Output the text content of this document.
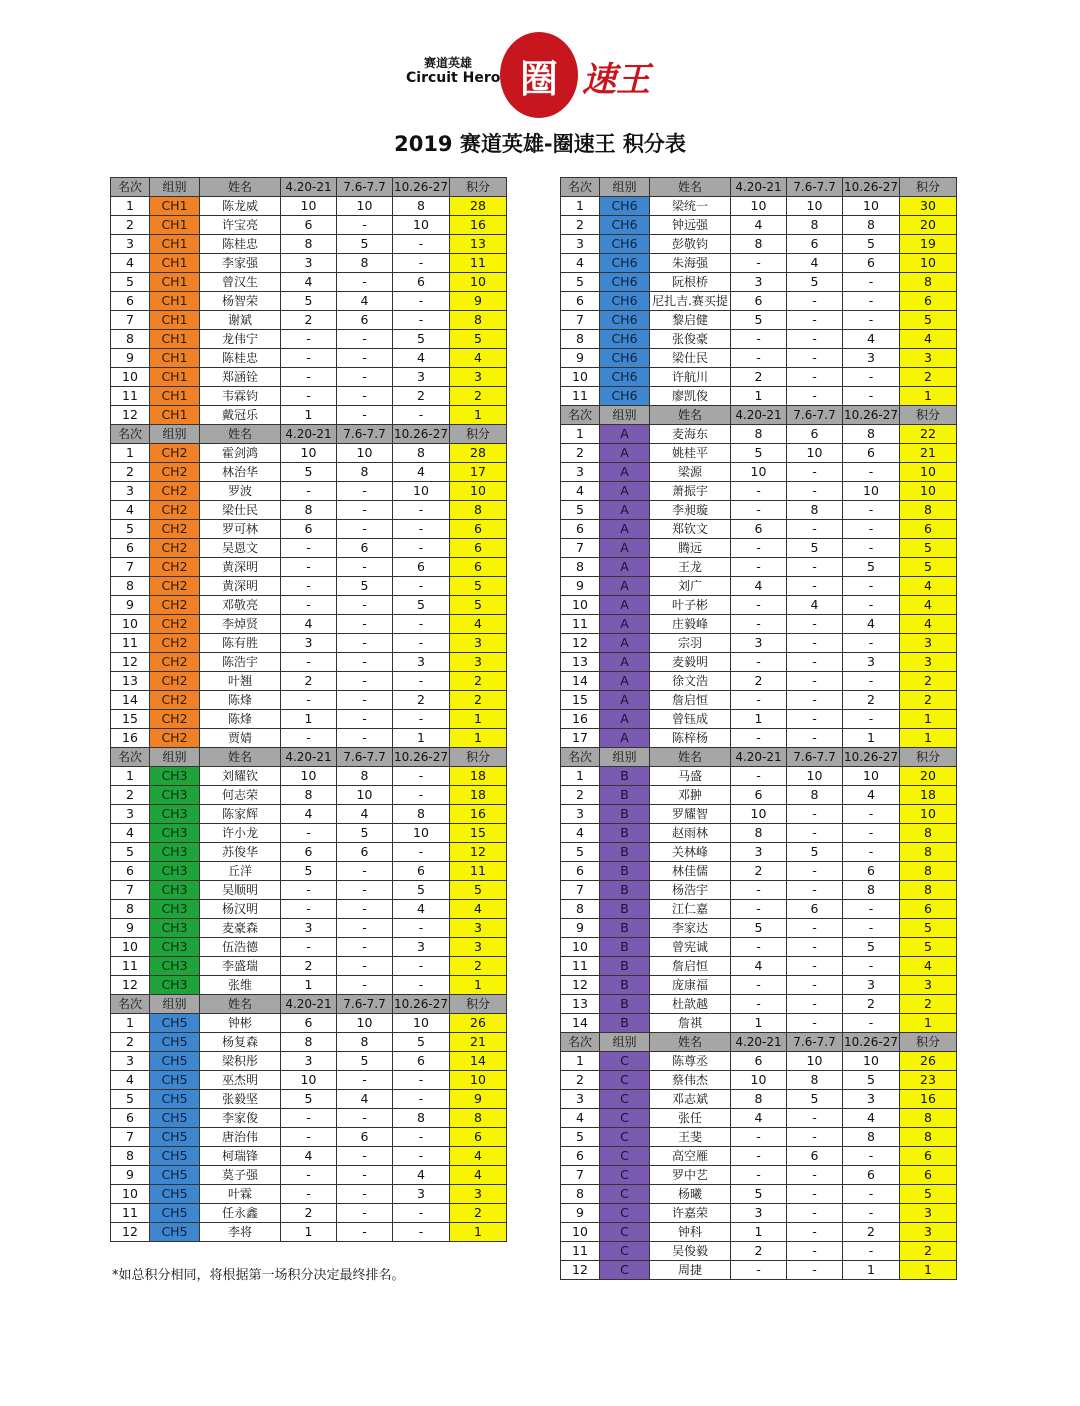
赛道英雄
Circuit Hero 圈 速王
2019 赛道英雄-圈速王 积分表
名次	组别	姓名	4.20-21	7.6-7.7	10.26-27	积分
1	CH1	陈龙威	10	10	8	28
2	CH1	许宝亮	6	-	10	16
3	CH1	陈桂忠	8	5	-	13
4	CH1	李家强	3	8	-	11
5	CH1	曾汉生	4	-	6	10
6	CH1	杨智荣	5	4	-	9
7	CH1	谢斌	2	6	-	8
8	CH1	龙伟宁	-	-	5	5
9	CH1	陈桂忠	-	-	4	4
10	CH1	郑涵铨	-	-	3	3
11	CH1	韦霖钧	-	-	2	2
12	CH1	戴冠乐	1	-	-	1
名次	组别	姓名	4.20-21	7.6-7.7	10.26-27	积分
1	CH2	霍剑鸿	10	10	8	28
2	CH2	林治华	5	8	4	17
3	CH2	罗波	-	-	10	10
4	CH2	梁仕民	8	-	-	8
5	CH2	罗可林	6	-	-	6
6	CH2	吴恩文	-	6	-	6
7	CH2	黄深明	-	-	6	6
8	CH2	黄深明	-	5	-	5
9	CH2	邓敬亮	-	-	5	5
10	CH2	李焯贤	4	-	-	4
11	CH2	陈有胜	3	-	-	3
12	CH2	陈浩宇	-	-	3	3
13	CH2	叶翘	2	-	-	2
14	CH2	陈烽	-	-	2	2
15	CH2	陈烽	1	-	-	1
16	CH2	贾婧	-	-	1	1
名次	组别	姓名	4.20-21	7.6-7.7	10.26-27	积分
1	CH3	刘耀钦	10	8	-	18
2	CH3	何志荣	8	10	-	18
3	CH3	陈家辉	4	4	8	16
4	CH3	许小龙	-	5	10	15
5	CH3	苏俊华	6	6	-	12
6	CH3	丘洋	5	-	6	11
7	CH3	吴顺明	-	-	5	5
8	CH3	杨汉明	-	-	4	4
9	CH3	麦豪森	3	-	-	3
10	CH3	伍浩德	-	-	3	3
11	CH3	李盛瑞	2	-	-	2
12	CH3	张维	1	-	-	1
名次	组别	姓名	4.20-21	7.6-7.7	10.26-27	积分
1	CH5	钟彬	6	10	10	26
2	CH5	杨复森	8	8	5	21
3	CH5	梁积彤	3	5	6	14
4	CH5	巫杰明	10	-	-	10
5	CH5	张毅坚	5	4	-	9
6	CH5	李家俊	-	-	8	8
7	CH5	唐治伟	-	6	-	6
8	CH5	柯瑞锋	4	-	-	4
9	CH5	莫子强	-	-	4	4
10	CH5	叶霖	-	-	3	3
11	CH5	任永鑫	2	-	-	2
12	CH5	李将	1	-	-	1
名次	组别	姓名	4.20-21	7.6-7.7	10.26-27	积分
1	CH6	梁统一	10	10	10	30
2	CH6	钟远强	4	8	8	20
3	CH6	彭敬钧	8	6	5	19
4	CH6	朱海强	-	4	6	10
5	CH6	阮根桥	3	5	-	8
6	CH6	尼扎吉.赛买提	6	-	-	6
7	CH6	黎启健	5	-	-	5
8	CH6	张俊豪	-	-	4	4
9	CH6	梁仕民	-	-	3	3
10	CH6	许航川	2	-	-	2
11	CH6	廖凯俊	1	-	-	1
名次	组别	姓名	4.20-21	7.6-7.7	10.26-27	积分
1	A	麦海东	8	6	8	22
2	A	姚桂平	5	10	6	21
3	A	梁源	10	-	-	10
4	A	萧振宇	-	-	10	10
5	A	李昶璇	-	8	-	8
6	A	郑钦文	6	-	-	6
7	A	腾远	-	5	-	5
8	A	王龙	-	-	5	5
9	A	刘广	4	-	-	4
10	A	叶子彬	-	4	-	4
11	A	庄毅峰	-	-	4	4
12	A	宗羽	3	-	-	3
13	A	麦毅明	-	-	3	3
14	A	徐文浩	2	-	-	2
15	A	詹启恒	-	-	2	2
16	A	曾钰成	1	-	-	1
17	A	陈梓杨	-	-	1	1
名次	组别	姓名	4.20-21	7.6-7.7	10.26-27	积分
1	B	马盛	-	10	10	20
2	B	邓翀	6	8	4	18
3	B	罗耀智	10	-	-	10
4	B	赵雨林	8	-	-	8
5	B	关林峰	3	5	-	8
6	B	林佳儒	2	-	6	8
7	B	杨浩宇	-	-	8	8
8	B	江仁嘉	-	6	-	6
9	B	李家达	5	-	-	5
10	B	曾宪诚	-	-	5	5
11	B	詹启恒	4	-	-	4
12	B	庞康福	-	-	3	3
13	B	杜歆越	-	-	2	2
14	B	詹祺	1	-	-	1
名次	组别	姓名	4.20-21	7.6-7.7	10.26-27	积分
1	C	陈尊丞	6	10	10	26
2	C	蔡伟杰	10	8	5	23
3	C	邓志斌	8	5	3	16
4	C	张任	4	-	4	8
5	C	王斐	-	-	8	8
6	C	高空雁	-	6	-	6
7	C	罗中艺	-	-	6	6
8	C	杨曦	5	-	-	5
9	C	许嘉荣	3	-	-	3
10	C	钟科	1	-	2	3
11	C	吴俊毅	2	-	-	2
12	C	周捷	-	-	1	1
*如总积分相同，将根据第一场积分决定最终排名。
